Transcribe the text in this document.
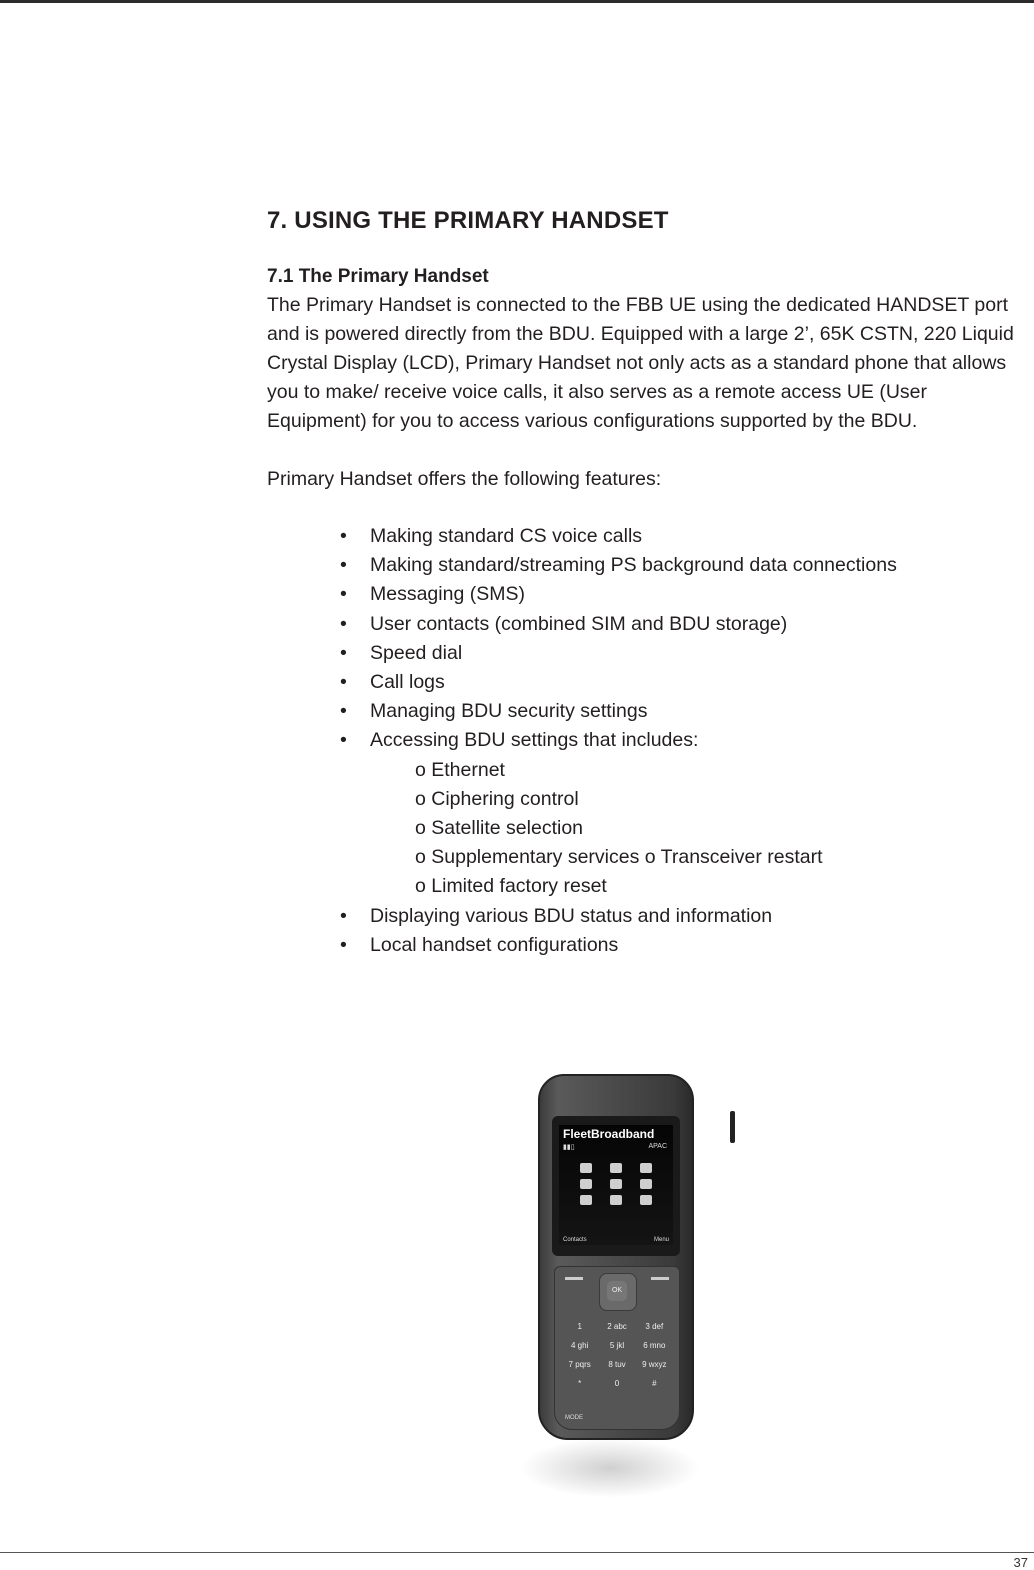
7. USING THE PRIMARY HANDSET
7.1 The Primary Handset

The Primary Handset is connected to the FBB UE using the dedicated HANDSET port and is powered directly from the BDU. Equipped with a large 2’, 65K CSTN, 220 Liquid Crystal Display (LCD), Primary Handset not only acts as a standard phone that allows you to make/ receive voice calls, it also serves as a remote access UE (User Equipment) for you to access various configurations supported by the BDU.

Primary Handset offers the following features:

• Making standard CS voice calls
• Making standard/streaming PS background data connections
• Messaging (SMS)
• User contacts (combined SIM and BDU storage)
• Speed dial
• Call logs
• Managing BDU security settings
• Accessing BDU settings that includes:
o Ethernet
o Ciphering control
o Satellite selection
o Supplementary services o Transceiver restart
o Limited factory reset
• Displaying various BDU status and information
• Local handset configurations
FleetBroadband
▮▮▯	APAC
Contacts	Menu
OK
1	2 abc	3 def
4 ghi	5 jkl	6 mno
7 pqrs	8 tuv	9 wxyz
*	0	#
MODE
37
